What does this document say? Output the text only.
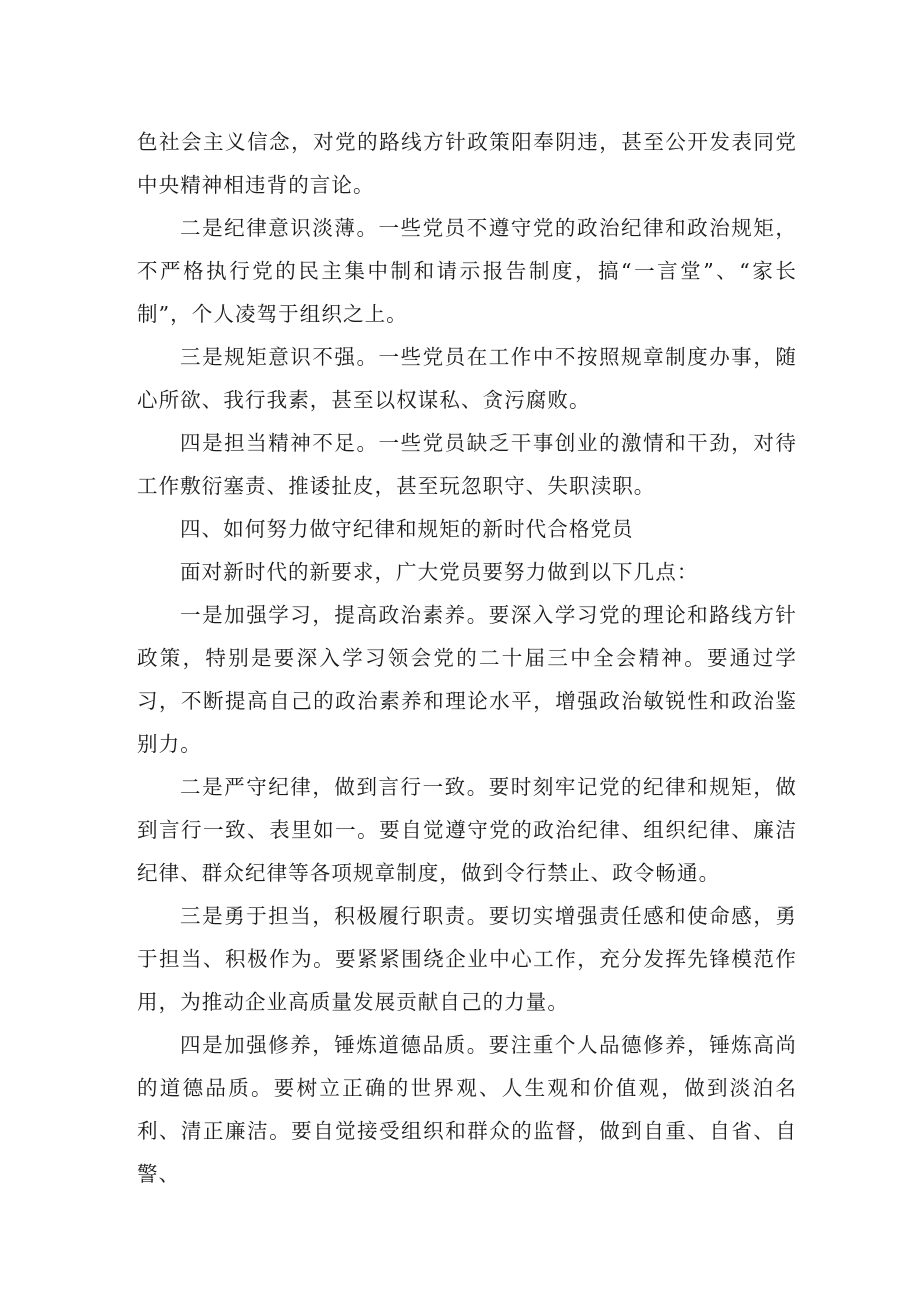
色社会主义信念，对党的路线方针政策阳奉阴违，甚至公开发表同党中央精神相违背的言论。

二是纪律意识淡薄。一些党员不遵守党的政治纪律和政治规矩，不严格执行党的民主集中制和请示报告制度，搞“一言堂”、“家长制”，个人凌驾于组织之上。

三是规矩意识不强。一些党员在工作中不按照规章制度办事，随心所欲、我行我素，甚至以权谋私、贪污腐败。

四是担当精神不足。一些党员缺乏干事创业的激情和干劲，对待工作敷衍塞责、推诿扯皮，甚至玩忽职守、失职渎职。

四、如何努力做守纪律和规矩的新时代合格党员

面对新时代的新要求，广大党员要努力做到以下几点：

一是加强学习，提高政治素养。要深入学习党的理论和路线方针政策，特别是要深入学习领会党的二十届三中全会精神。要通过学习，不断提高自己的政治素养和理论水平，增强政治敏锐性和政治鉴别力。

二是严守纪律，做到言行一致。要时刻牢记党的纪律和规矩，做到言行一致、表里如一。要自觉遵守党的政治纪律、组织纪律、廉洁纪律、群众纪律等各项规章制度，做到令行禁止、政令畅通。

三是勇于担当，积极履行职责。要切实增强责任感和使命感，勇于担当、积极作为。要紧紧围绕企业中心工作，充分发挥先锋模范作用，为推动企业高质量发展贡献自己的力量。

四是加强修养，锤炼道德品质。要注重个人品德修养，锤炼高尚的道德品质。要树立正确的世界观、人生观和价值观，做到淡泊名利、清正廉洁。要自觉接受组织和群众的监督，做到自重、自省、自警、
